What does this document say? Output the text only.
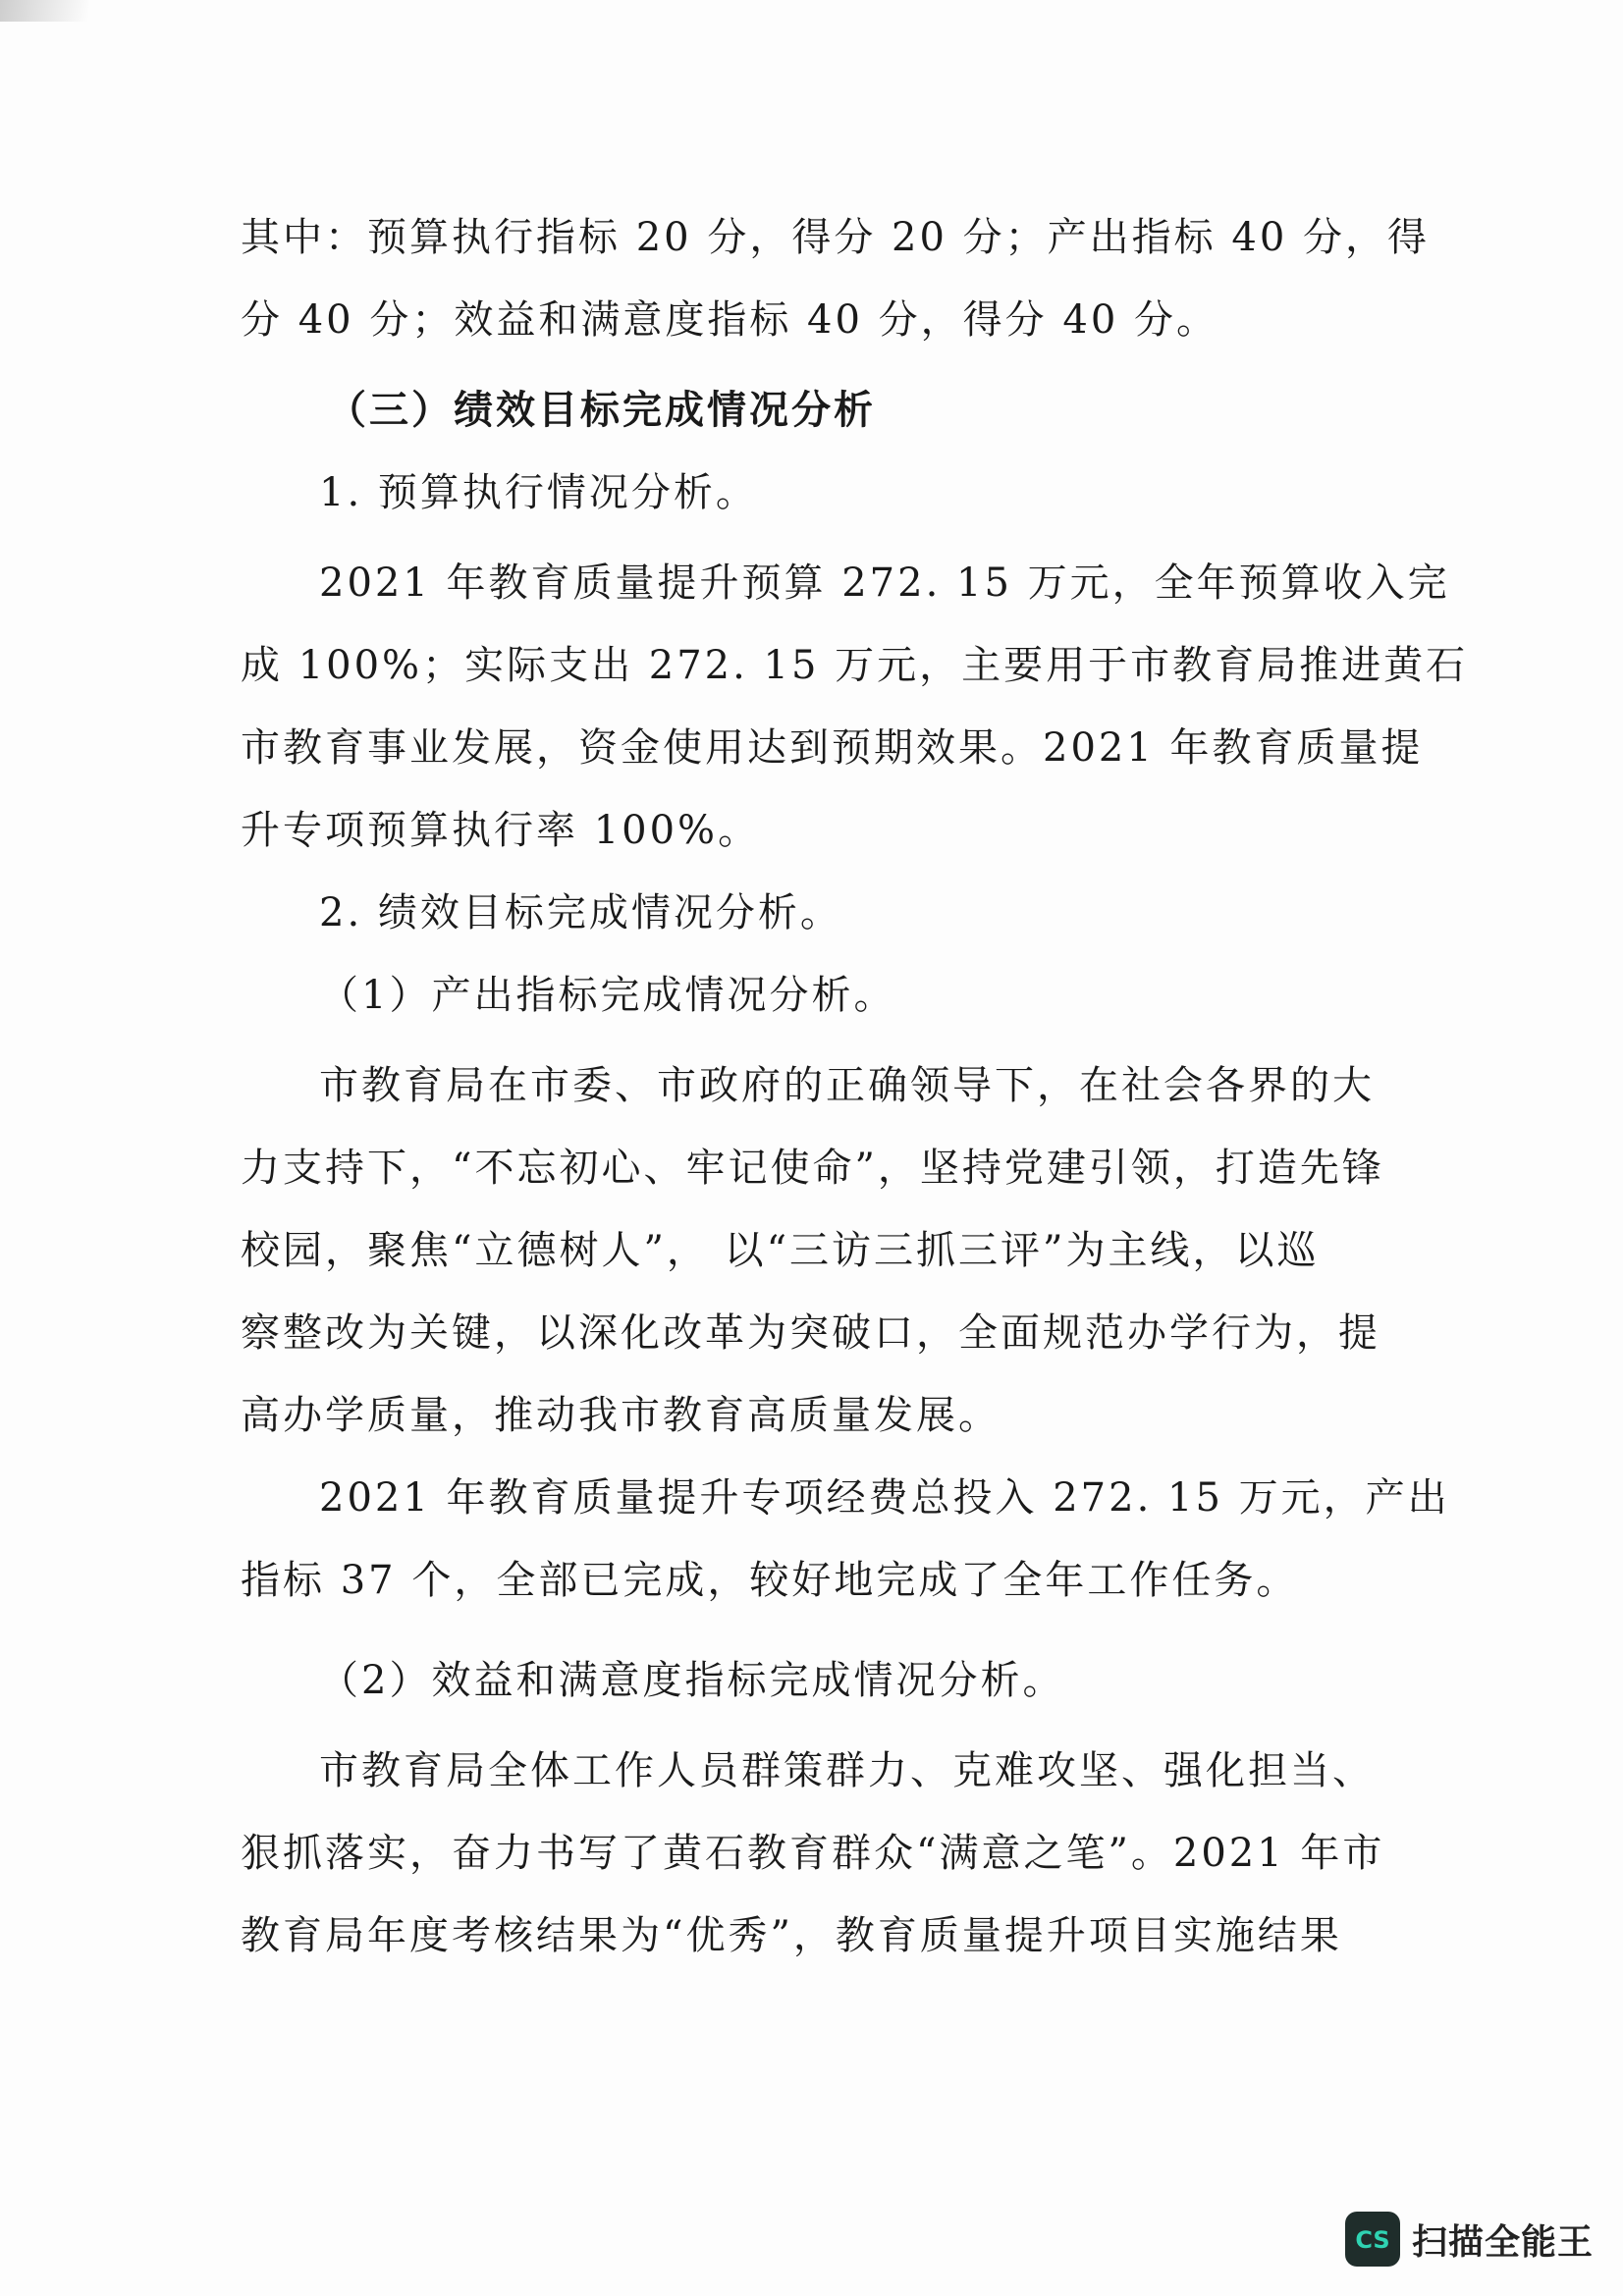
其中：预算执行指标 20 分，得分 20 分；产出指标 40 分，得

分 40 分；效益和满意度指标 40 分，得分 40 分。

（三）绩效目标完成情况分析

1. 预算执行情况分析。

2021 年教育质量提升预算 272. 15 万元，全年预算收入完

成 100%；实际支出 272. 15 万元，主要用于市教育局推进黄石

市教育事业发展，资金使用达到预期效果。2021 年教育质量提

升专项预算执行率 100%。

2. 绩效目标完成情况分析。

（1）产出指标完成情况分析。

市教育局在市委、市政府的正确领导下，在社会各界的大

力支持下，“不忘初心、牢记使命”，坚持党建引领，打造先锋

校园，聚焦“立德树人”， 以“三访三抓三评”为主线，以巡

察整改为关键，以深化改革为突破口，全面规范办学行为，提

高办学质量，推动我市教育高质量发展。

2021 年教育质量提升专项经费总投入 272. 15 万元，产出

指标 37 个，全部已完成，较好地完成了全年工作任务。

（2）效益和满意度指标完成情况分析。

市教育局全体工作人员群策群力、克难攻坚、强化担当、

狠抓落实，奋力书写了黄石教育群众“满意之笔”。2021 年市

教育局年度考核结果为“优秀”，教育质量提升项目实施结果

CS 扫描全能王
